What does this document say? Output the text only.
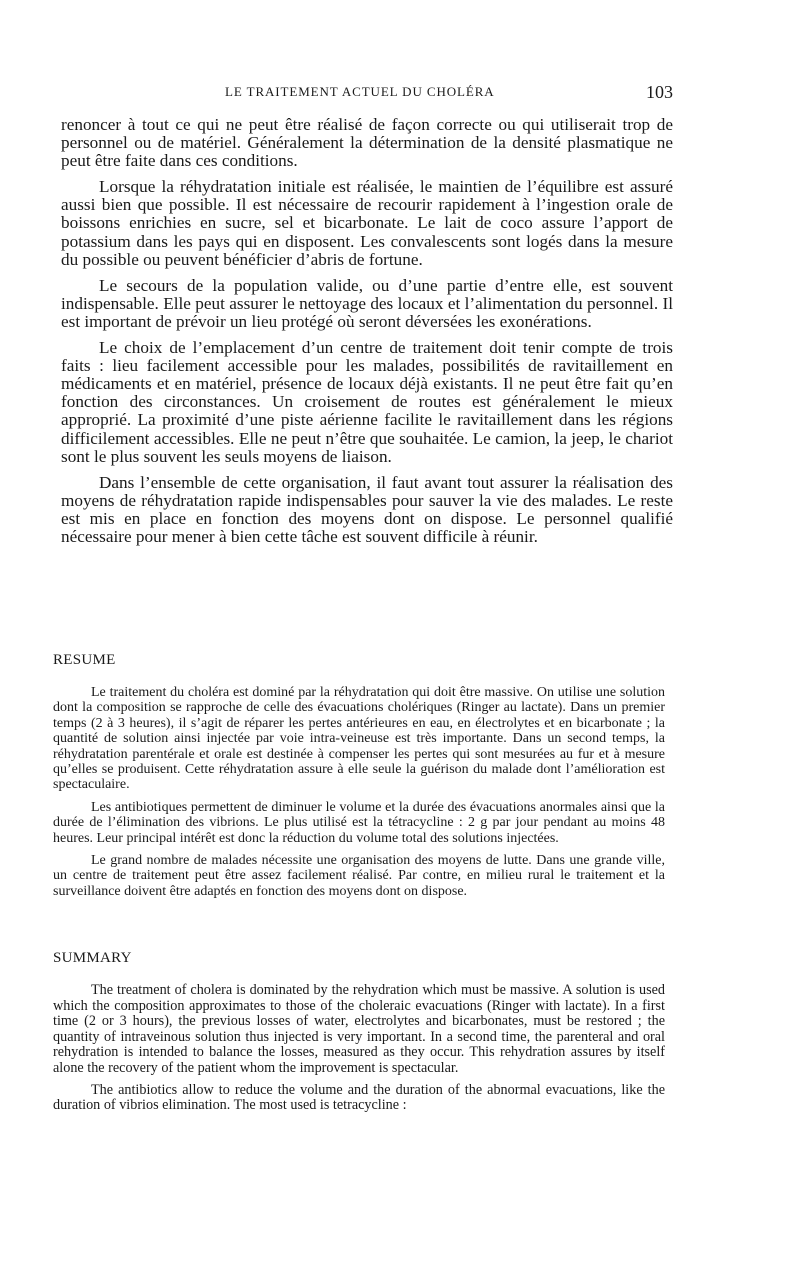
LE TRAITEMENT ACTUEL DU CHOLÉRA	103

renoncer à tout ce qui ne peut être réalisé de façon correcte ou qui utiliserait trop de personnel ou de matériel. Généralement la détermination de la densité plasmatique ne peut être faite dans ces conditions.

Lorsque la réhydratation initiale est réalisée, le maintien de l’équilibre est assuré aussi bien que possible. Il est nécessaire de recourir rapidement à l’ingestion orale de boissons enrichies en sucre, sel et bicarbonate. Le lait de coco assure l’apport de potassium dans les pays qui en disposent. Les convalescents sont logés dans la mesure du possible ou peuvent bénéficier d’abris de fortune.

Le secours de la population valide, ou d’une partie d’entre elle, est souvent indispensable. Elle peut assurer le nettoyage des locaux et l’alimentation du personnel. Il est important de prévoir un lieu protégé où seront déversées les exonérations.

Le choix de l’emplacement d’un centre de traitement doit tenir compte de trois faits : lieu facilement accessible pour les malades, possibilités de ravitaillement en médicaments et en matériel, présence de locaux déjà existants. Il ne peut être fait qu’en fonction des circonstances. Un croisement de routes est généralement le mieux approprié. La proximité d’une piste aérienne facilite le ravitaillement dans les régions difficilement accessibles. Elle ne peut n’être que souhaitée. Le camion, la jeep, le chariot sont le plus souvent les seuls moyens de liaison.

Dans l’ensemble de cette organisation, il faut avant tout assurer la réalisation des moyens de réhydratation rapide indispensables pour sauver la vie des malades. Le reste est mis en place en fonction des moyens dont on dispose. Le personnel qualifié nécessaire pour mener à bien cette tâche est souvent difficile à réunir.

RESUME

Le traitement du choléra est dominé par la réhydratation qui doit être massive. On utilise une solution dont la composition se rapproche de celle des évacuations cholériques (Ringer au lactate). Dans un premier temps (2 à 3 heures), il s’agit de réparer les pertes antérieures en eau, en électrolytes et en bicarbonate ; la quantité de solution ainsi injectée par voie intra-veineuse est très importante. Dans un second temps, la réhydratation parentérale et orale est destinée à compenser les pertes qui sont mesurées au fur et à mesure qu’elles se produisent. Cette réhydratation assure à elle seule la guérison du malade dont l’amélioration est spectaculaire.

Les antibiotiques permettent de diminuer le volume et la durée des évacuations anormales ainsi que la durée de l’élimination des vibrions. Le plus utilisé est la tétracycline : 2 g par jour pendant au moins 48 heures. Leur principal intérêt est donc la réduction du volume total des solutions injectées.

Le grand nombre de malades nécessite une organisation des moyens de lutte. Dans une grande ville, un centre de traitement peut être assez facilement réalisé. Par contre, en milieu rural le traitement et la surveillance doivent être adaptés en fonction des moyens dont on dispose.

SUMMARY

The treatment of cholera is dominated by the rehydration which must be massive. A solution is used which the composition approximates to those of the choleraic evacuations (Ringer with lactate). In a first time (2 or 3 hours), the previous losses of water, electrolytes and bicarbonates, must be restored ; the quantity of intraveinous solution thus injected is very important. In a second time, the parenteral and oral rehydration is intended to balance the losses, measured as they occur. This rehydration assures by itself alone the recovery of the patient whom the improvement is spectacular.

The antibiotics allow to reduce the volume and the duration of the abnormal evacuations, like the duration of vibrios elimination. The most used is tetracycline :
